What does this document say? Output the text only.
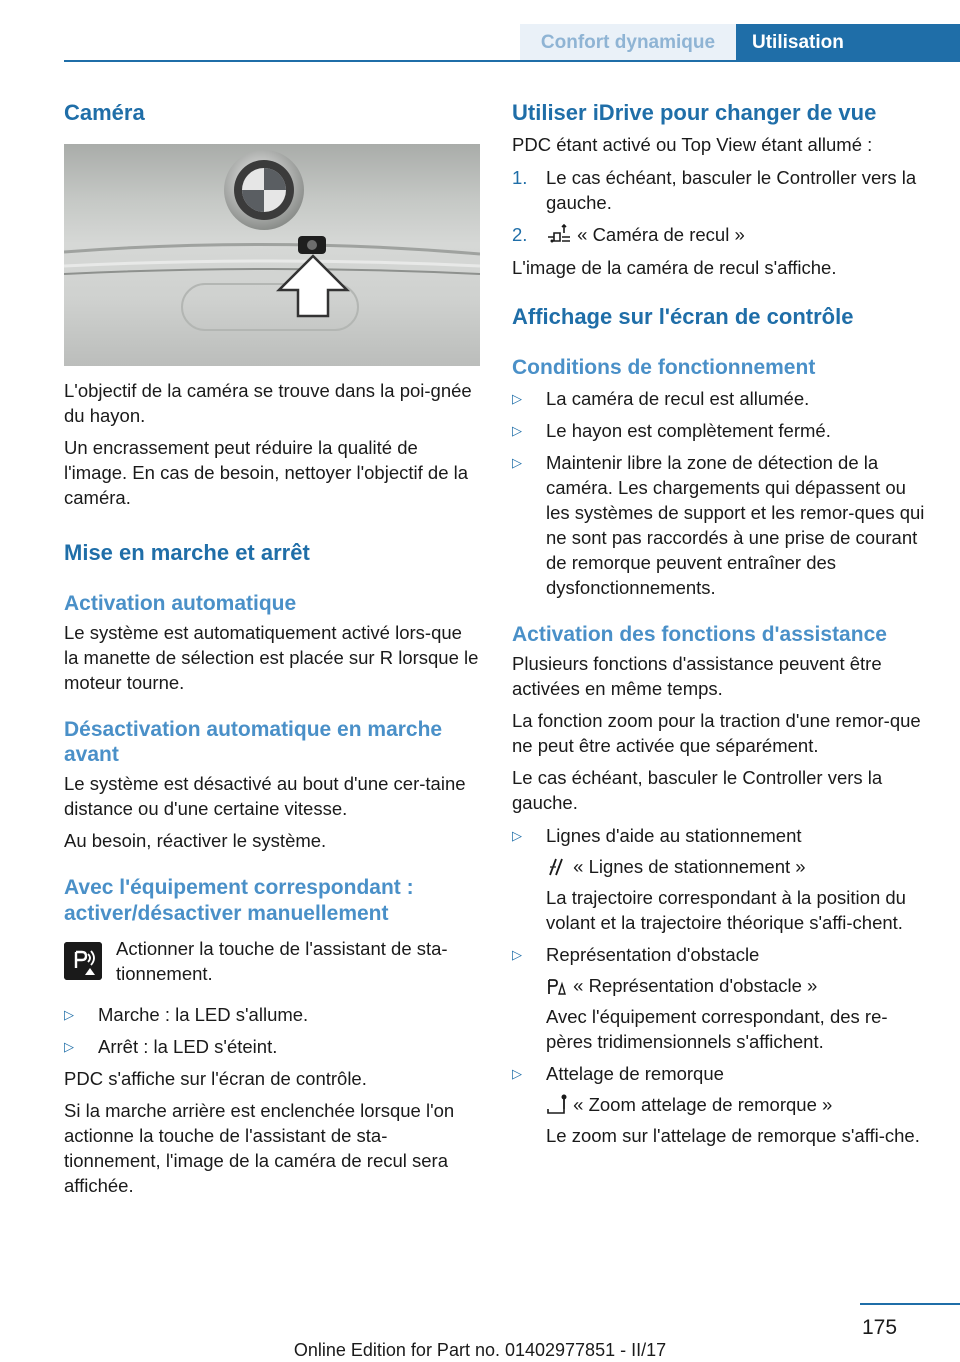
Confort dynamique	Utilisation
Caméra

L'objectif de la caméra se trouve dans la poi‐gnée du hayon.

Un encrassement peut réduire la qualité de l'image. En cas de besoin, nettoyer l'objectif de la caméra.

Mise en marche et arrêt
Activation automatique

Le système est automatiquement activé lors‐que la manette de sélection est placée sur R lorsque le moteur tourne.

Désactivation automatique en marche avant

Le système est désactivé au bout d'une cer‐taine distance ou d'une certaine vitesse.

Au besoin, réactiver le système.

Avec l'équipement correspondant : activer/désactiver manuellement

Actionner la touche de l'assistant de sta‐tionnement.

▷	Marche : la LED s'allume.
▷	Arrêt : la LED s'éteint.

PDC s'affiche sur l'écran de contrôle.

Si la marche arrière est enclenchée lorsque l'on actionne la touche de l'assistant de sta‐tionnement, l'image de la caméra de recul sera affichée.

Utiliser iDrive pour changer de vue

PDC étant activé ou Top View étant allumé :

1.	Le cas échéant, basculer le Controller vers la gauche.
2.	« Caméra de recul »

L'image de la caméra de recul s'affiche.

Affichage sur l'écran de contrôle
Conditions de fonctionnement
▷	La caméra de recul est allumée.
▷	Le hayon est complètement fermé.
▷	Maintenir libre la zone de détection de la caméra. Les chargements qui dépassent ou les systèmes de support et les remor‐ques qui ne sont pas raccordés à une prise de courant de remorque peuvent entraîner des dysfonctionnements.
Activation des fonctions d'assistance

Plusieurs fonctions d'assistance peuvent être activées en même temps.

La fonction zoom pour la traction d'une remor‐que ne peut être activée que séparément.

Le cas échéant, basculer le Controller vers la gauche.

▷	Lignes d'aide au stationnement
« Lignes de stationnement »
La trajectoire correspondant à la position du volant et la trajectoire théorique s'affi‐chent.
▷	Représentation d'obstacle
« Représentation d'obstacle »
Avec l'équipement correspondant, des re‐pères tridimensionnels s'affichent.
▷	Attelage de remorque
« Zoom attelage de remorque »
Le zoom sur l'attelage de remorque s'affi‐che.
175
Online Edition for Part no. 01402977851 - II/17
